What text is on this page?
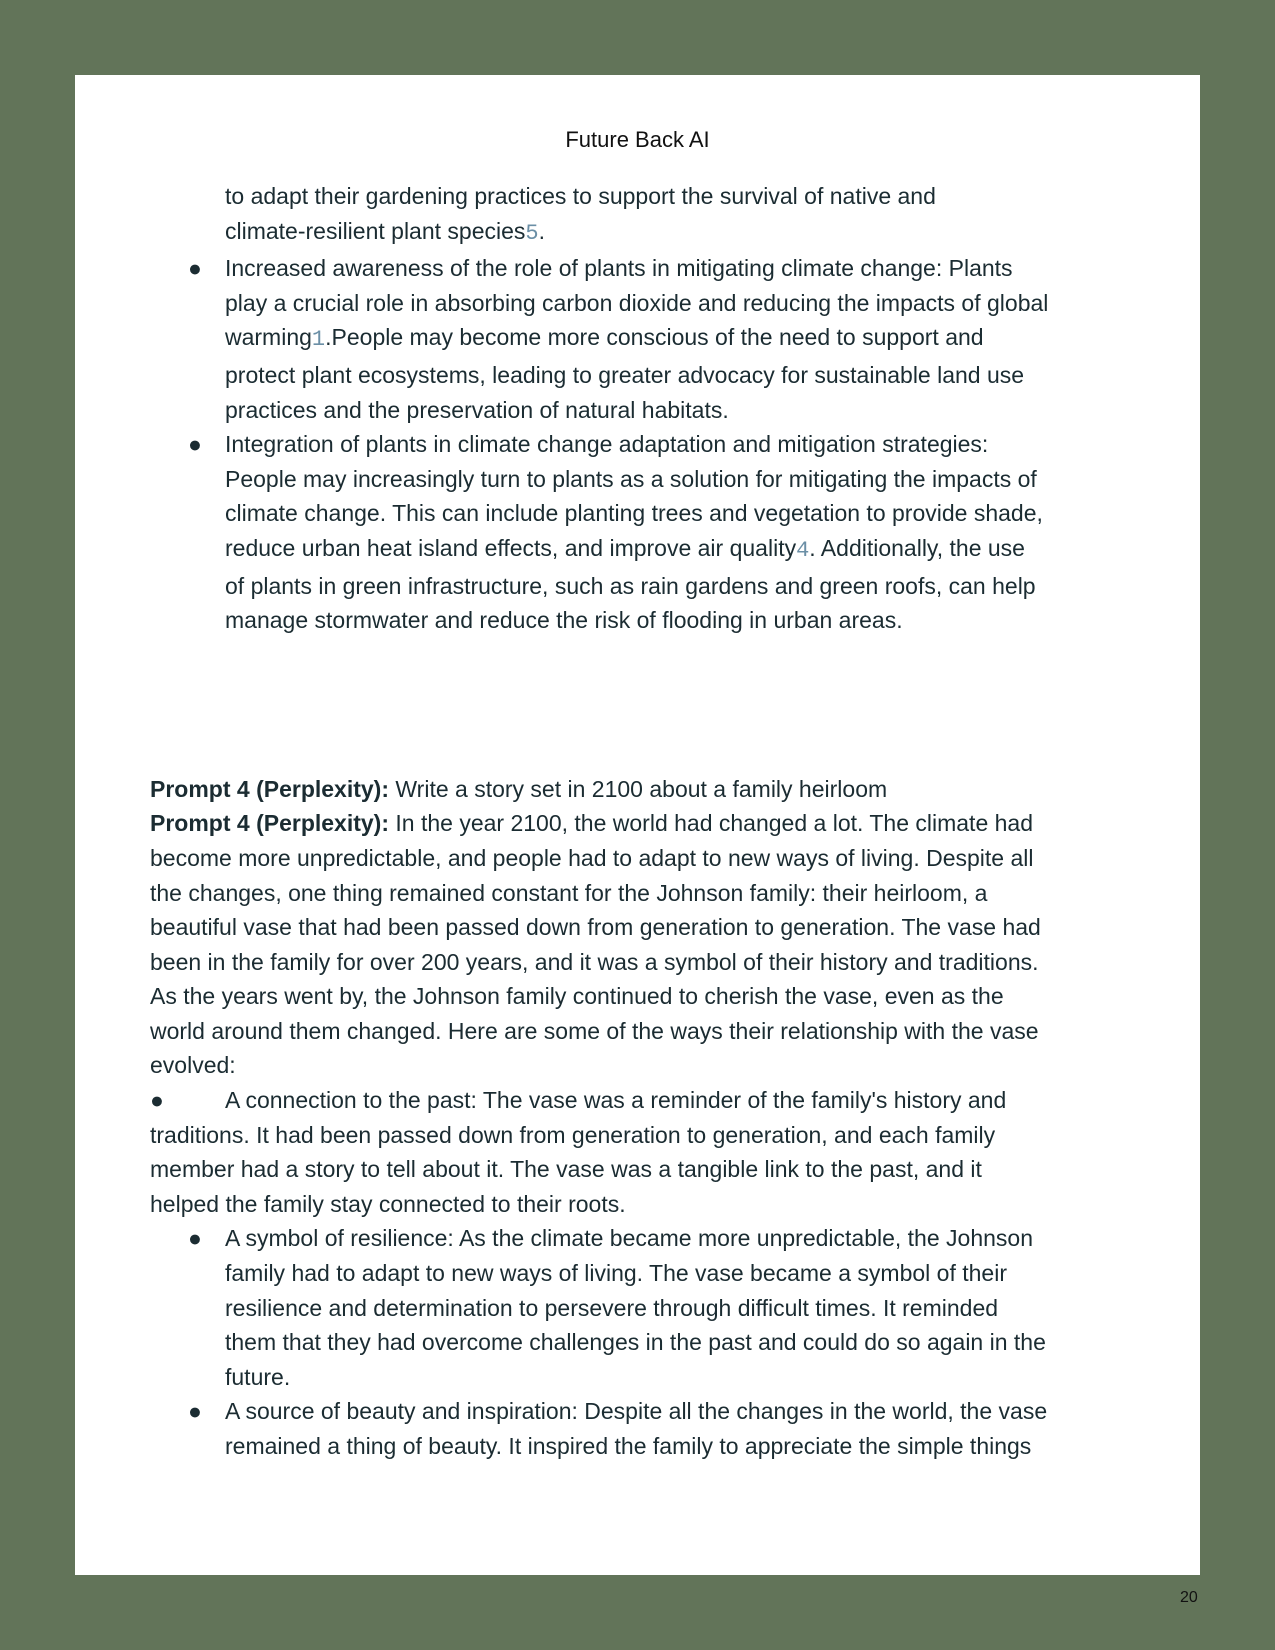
Future Back AI
to adapt their gardening practices to support the survival of native and
climate-resilient plant species5.
● Increased awareness of the role of plants in mitigating climate change: Plants play a crucial role in absorbing carbon dioxide and reducing the impacts of global warming1.People may become more conscious of the need to support and protect plant ecosystems, leading to greater advocacy for sustainable land use practices and the preservation of natural habitats.
● Integration of plants in climate change adaptation and mitigation strategies: People may increasingly turn to plants as a solution for mitigating the impacts of climate change. This can include planting trees and vegetation to provide shade, reduce urban heat island effects, and improve air quality4. Additionally, the use of plants in green infrastructure, such as rain gardens and green roofs, can help manage stormwater and reduce the risk of flooding in urban areas.
Prompt 4 (Perplexity): Write a story set in 2100 about a family heirloom
Prompt 4 (Perplexity): In the year 2100, the world had changed a lot. The climate had become more unpredictable, and people had to adapt to new ways of living. Despite all the changes, one thing remained constant for the Johnson family: their heirloom, a beautiful vase that had been passed down from generation to generation. The vase had been in the family for over 200 years, and it was a symbol of their history and traditions. As the years went by, the Johnson family continued to cherish the vase, even as the world around them changed. Here are some of the ways their relationship with the vase evolved:
●	A connection to the past: The vase was a reminder of the family's history and traditions. It had been passed down from generation to generation, and each family member had a story to tell about it. The vase was a tangible link to the past, and it helped the family stay connected to their roots.
● A symbol of resilience: As the climate became more unpredictable, the Johnson family had to adapt to new ways of living. The vase became a symbol of their resilience and determination to persevere through difficult times. It reminded them that they had overcome challenges in the past and could do so again in the future.
● A source of beauty and inspiration: Despite all the changes in the world, the vase remained a thing of beauty. It inspired the family to appreciate the simple things
20
